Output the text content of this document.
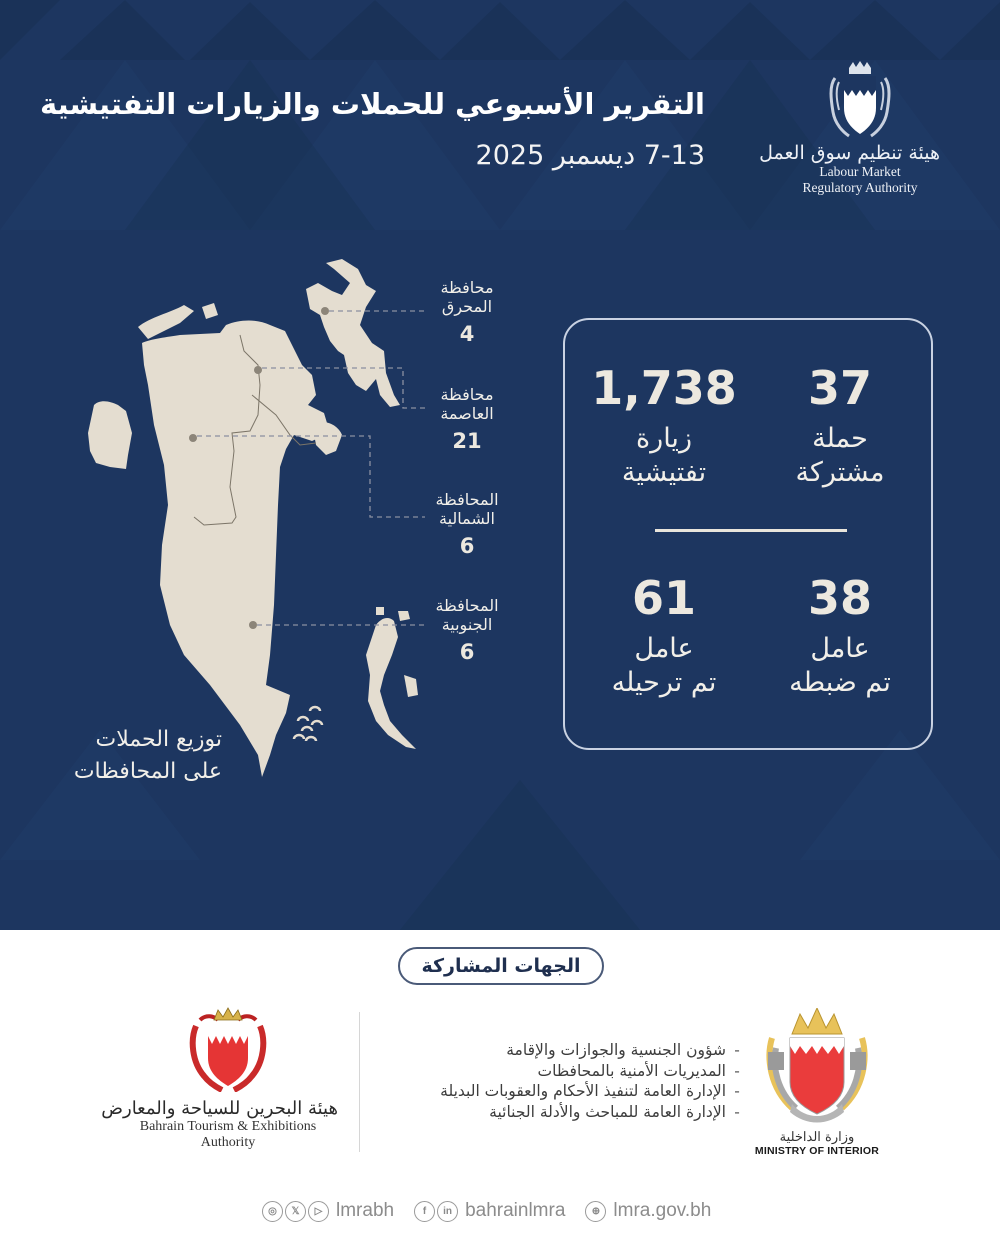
التقرير الأسبوعي للحملات والزيارات التفتيشية
7-13 ديسمبر 2025	هيئة تنظيم سوق العمل
Labour Market
Regulatory Authority
محافظة
المحرق
4
محافظة
العاصمة
21
المحافظة
الشمالية
6
المحافظة
الجنوبية
6
توزيع الحملات
على المحافظات
37
حملة
مشتركة
1,738
زيارة
تفتيشية
38
عامل
تم ضبطه
61
عامل
تم ترحيله
الجهات المشاركة
وزارة الداخلية
MINISTRY OF INTERIOR
-شؤون الجنسية والجوازات والإقامة
-المديريات الأمنية بالمحافظات
-الإدارة العامة لتنفيذ الأحكام والعقوبات البديلة
-الإدارة العامة للمباحث والأدلة الجنائية
هيئة البحرين للسياحة والمعارض
Bahrain Tourism & Exhibitions
Authority
◎	𝕏	▷ lmrabh	f	in bahrainlmra	⊕ lmra.gov.bh
